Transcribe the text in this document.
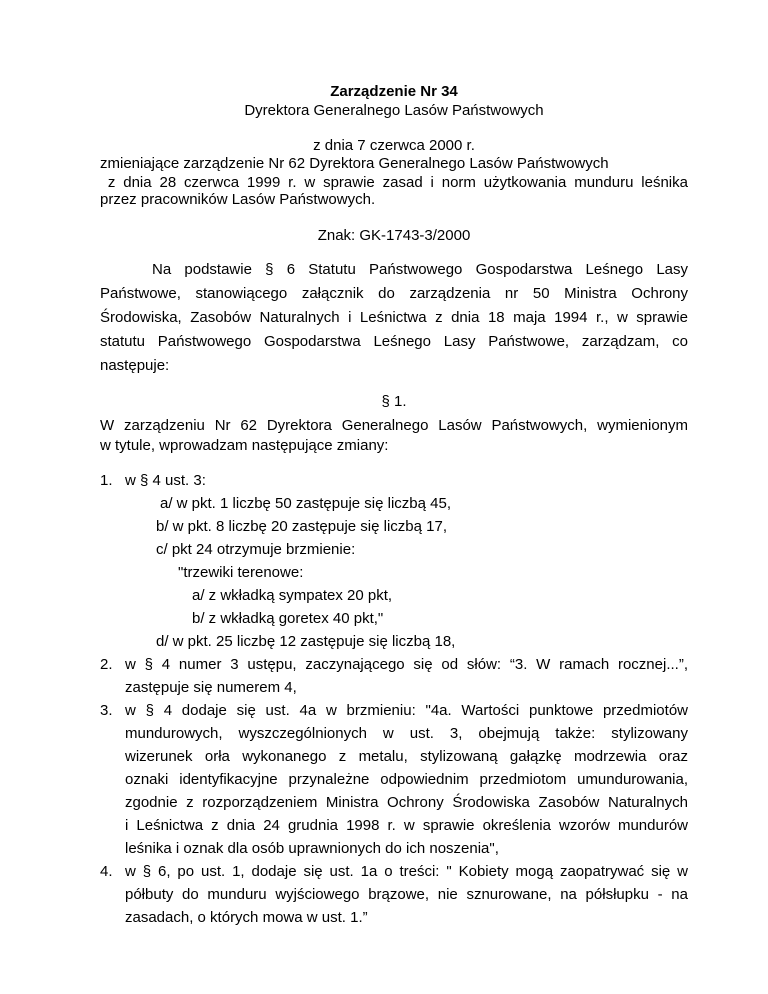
Zarządzenie Nr 34
Dyrektora Generalnego Lasów Państwowych
z dnia 7 czerwca 2000 r.
zmieniające zarządzenie Nr 62 Dyrektora Generalnego Lasów Państwowych
z dnia 28 czerwca 1999 r. w sprawie zasad i norm użytkowania munduru leśnika
przez pracowników Lasów Państwowych.
Znak: GK-1743-3/2000
Na podstawie § 6 Statutu Państwowego Gospodarstwa Leśnego Lasy
Państwowe, stanowiącego załącznik do zarządzenia nr 50 Ministra Ochrony
Środowiska, Zasobów Naturalnych i Leśnictwa z dnia 18 maja 1994 r., w sprawie
statutu Państwowego Gospodarstwa Leśnego Lasy Państwowe, zarządzam, co
następuje:
§ 1.
W zarządzeniu Nr 62 Dyrektora Generalnego Lasów Państwowych, wymienionym
w tytule, wprowadzam następujące zmiany:
1. w § 4 ust. 3:
a/ w pkt. 1 liczbę 50 zastępuje się liczbą 45,
b/ w pkt. 8 liczbę 20 zastępuje się liczbą 17,
c/ pkt 24 otrzymuje brzmienie:
"trzewiki terenowe:
a/ z wkładką sympatex 20 pkt,
b/ z wkładką goretex 40 pkt,"
d/ w pkt. 25 liczbę 12 zastępuje się liczbą 18,
2. w § 4 numer 3 ustępu, zaczynającego się od słów: “3. W ramach rocznej...”,
zastępuje się numerem 4,
3. w § 4 dodaje się ust. 4a w brzmieniu: "4a. Wartości punktowe przedmiotów
mundurowych, wyszczególnionych w ust. 3, obejmują także: stylizowany
wizerunek orła wykonanego z metalu, stylizowaną gałązkę modrzewia oraz
oznaki identyfikacyjne przynależne odpowiednim przedmiotom umundurowania,
zgodnie z rozporządzeniem Ministra Ochrony Środowiska Zasobów Naturalnych
i Leśnictwa z dnia 24 grudnia 1998 r. w sprawie określenia wzorów mundurów
leśnika i oznak dla osób uprawnionych do ich noszenia",
4. w § 6, po ust. 1, dodaje się ust. 1a o treści: " Kobiety mogą zaopatrywać się w
półbuty do munduru wyjściowego brązowe, nie sznurowane, na półsłupku - na
zasadach, o których mowa w ust. 1.”
